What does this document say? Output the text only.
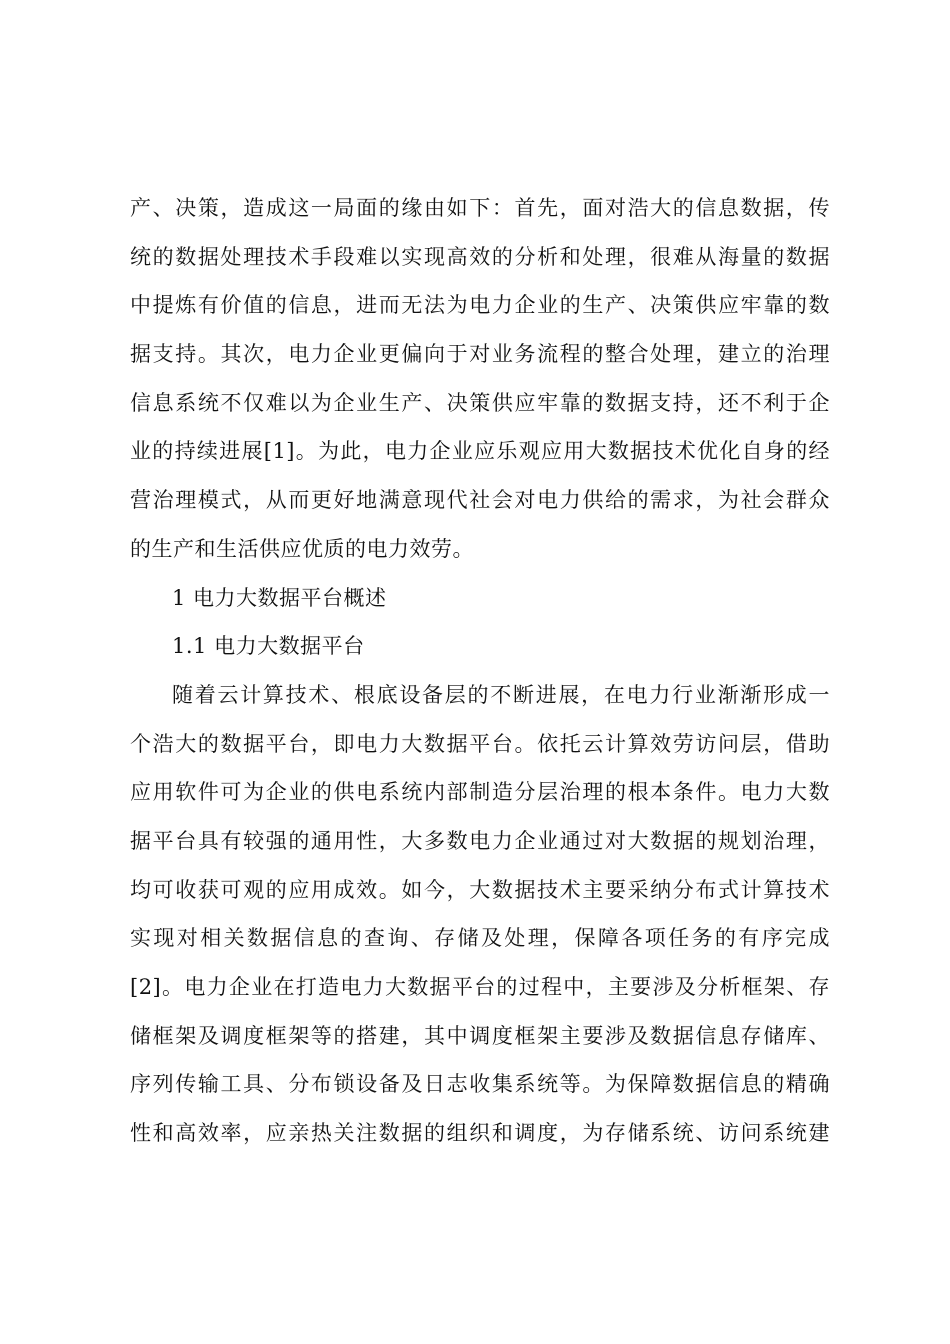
产、决策，造成这一局面的缘由如下：首先，面对浩大的信息数据，传

统的数据处理技术手段难以实现高效的分析和处理，很难从海量的数据

中提炼有价值的信息，进而无法为电力企业的生产、决策供应牢靠的数

据支持。其次，电力企业更偏向于对业务流程的整合处理，建立的治理

信息系统不仅难以为企业生产、决策供应牢靠的数据支持，还不利于企

业的持续进展[1]。为此，电力企业应乐观应用大数据技术优化自身的经

营治理模式，从而更好地满意现代社会对电力供给的需求，为社会群众

的生产和生活供应优质的电力效劳。

1 电力大数据平台概述

1.1 电力大数据平台

随着云计算技术、根底设备层的不断进展，在电力行业渐渐形成一

个浩大的数据平台，即电力大数据平台。依托云计算效劳访问层，借助

应用软件可为企业的供电系统内部制造分层治理的根本条件。电力大数

据平台具有较强的通用性，大多数电力企业通过对大数据的规划治理，

均可收获可观的应用成效。如今，大数据技术主要采纳分布式计算技术

实现对相关数据信息的查询、存储及处理，保障各项任务的有序完成

[2]。电力企业在打造电力大数据平台的过程中，主要涉及分析框架、存

储框架及调度框架等的搭建，其中调度框架主要涉及数据信息存储库、

序列传输工具、分布锁设备及日志收集系统等。为保障数据信息的精确

性和高效率，应亲热关注数据的组织和调度，为存储系统、访问系统建
